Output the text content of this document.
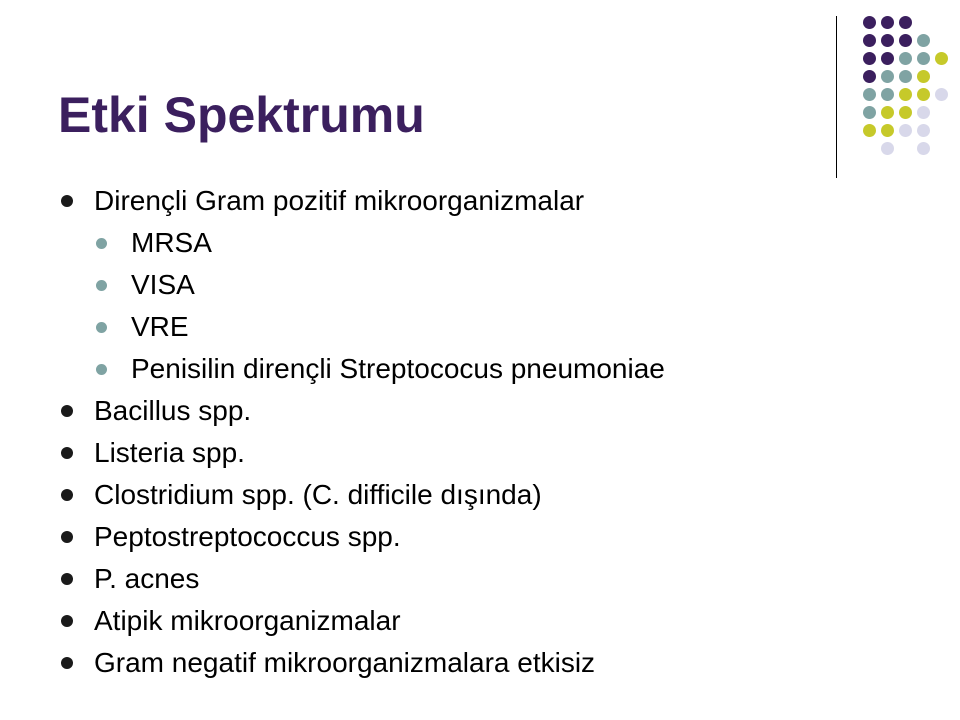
Etki Spektrumu
Dirençli Gram pozitif mikroorganizmalar
MRSA
VISA
VRE
Penisilin dirençli Streptococus pneumoniae
Bacillus spp.
Listeria spp.
Clostridium spp. (C. difficile dışında)
Peptostreptococcus spp.
P. acnes
Atipik mikroorganizmalar
Gram negatif mikroorganizmalara etkisiz
